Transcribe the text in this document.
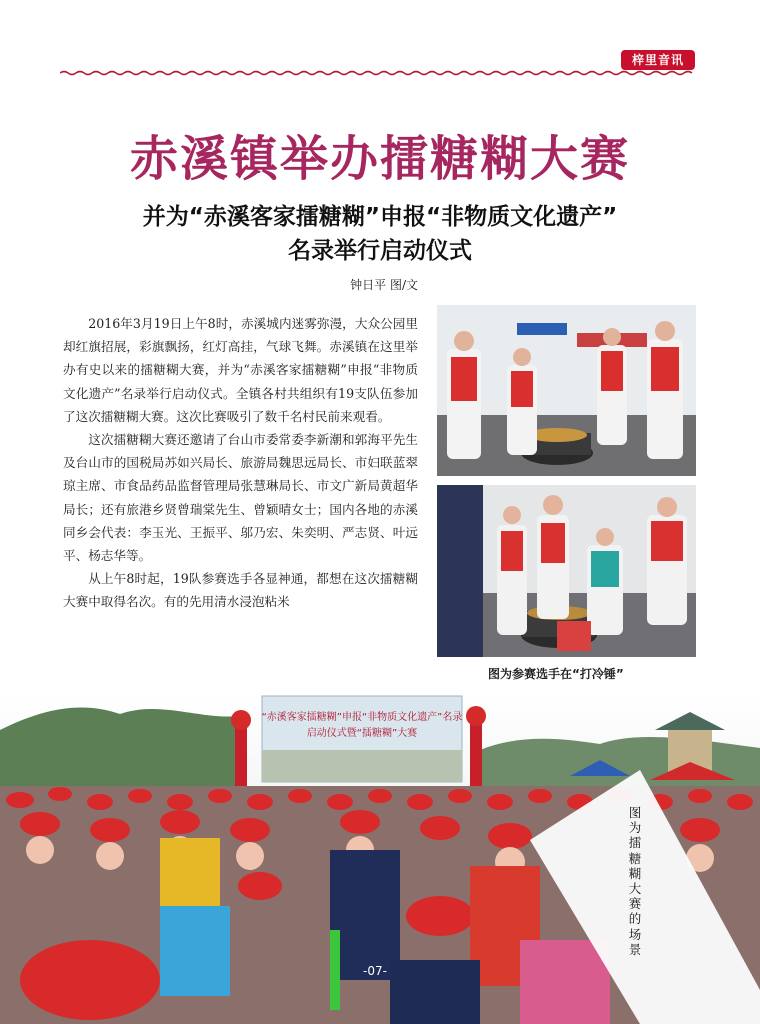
梓里音讯
赤溪镇举办擂糖糊大赛
并为“赤溪客家擂糖糊”申报“非物质文化遗产”
名录举行启动仪式
钟日平 图/文

2016年3月19日上午8时，赤溪城内迷雾弥漫，大众公园里却红旗招展，彩旗飘扬，红灯高挂，气球飞舞。赤溪镇在这里举办有史以来的擂糖糊大赛，并为“赤溪客家擂糖糊”申报“非物质文化遗产”名录举行启动仪式。全镇各村共组织有19支队伍参加了这次擂糖糊大赛。这次比赛吸引了数千名村民前来观看。

这次擂糖糊大赛还邀请了台山市委常委李新潮和郭海平先生及台山市的国税局苏如兴局长、旅游局魏思远局长、市妇联蓝翠琼主席、市食品药品监督管理局张慧琳局长、市文广新局黄超华局长；还有旅港乡贤曾瑞棠先生、曾颖晴女士；国内各地的赤溪同乡会代表：李玉光、王振平、邬乃宏、朱奕明、严志贤、叶远平、杨志华等。

从上午8时起，19队参赛选手各显神通，都想在这次擂糖糊大赛中取得名次。有的先用清水浸泡粘米

图为参赛选手在“打冷锤”
“赤溪客家擂糖糊”申报“非物质文化遗产”名录
启动仪式暨“擂糖糊”大赛
图为擂糖糊大赛的场景
-07-
